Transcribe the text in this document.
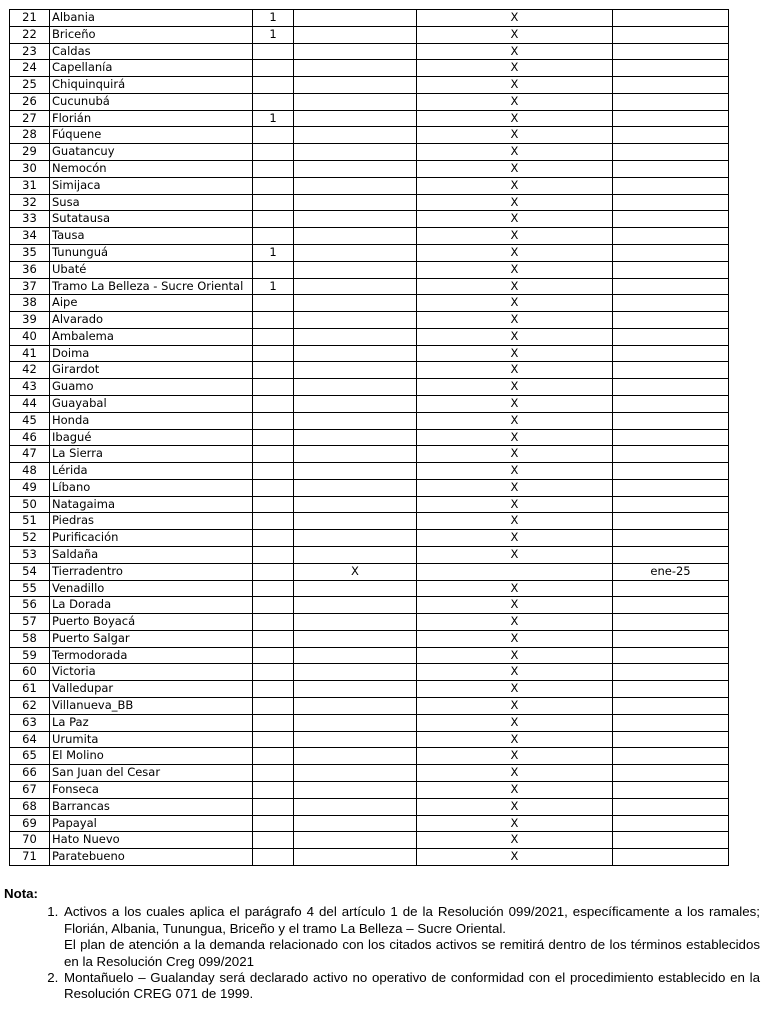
21	Albania	1		X	
22	Briceño	1		X	
23	Caldas			X	
24	Capellanía			X	
25	Chiquinquirá			X	
26	Cucunubá			X	
27	Florián	1		X	
28	Fúquene			X	
29	Guatancuy			X	
30	Nemocón			X	
31	Simijaca			X	
32	Susa			X	
33	Sutatausa			X	
34	Tausa			X	
35	Tununguá	1		X	
36	Ubaté			X	
37	Tramo La Belleza - Sucre Oriental	1		X	
38	Aipe			X	
39	Alvarado			X	
40	Ambalema			X	
41	Doima			X	
42	Girardot			X	
43	Guamo			X	
44	Guayabal			X	
45	Honda			X	
46	Ibagué			X	
47	La Sierra			X	
48	Lérida			X	
49	Líbano			X	
50	Natagaima			X	
51	Piedras			X	
52	Purificación			X	
53	Saldaña			X	
54	Tierradentro		X		ene-25
55	Venadillo			X	
56	La Dorada			X	
57	Puerto Boyacá			X	
58	Puerto Salgar			X	
59	Termodorada			X	
60	Victoria			X	
61	Valledupar			X	
62	Villanueva_BB			X	
63	La Paz			X	
64	Urumita			X	
65	El Molino			X	
66	San Juan del Cesar			X	
67	Fonseca			X	
68	Barrancas			X	
69	Papayal			X	
70	Hato Nuevo			X	
71	Paratebueno			X	
Nota:

1. Activos a los cuales aplica el parágrafo 4 del artículo 1 de la Resolución 099/2021, específicamente a los ramales; Florián, Albania, Tunungua, Briceño y el tramo La Belleza – Sucre Oriental.

El plan de atención a la demanda relacionado con los citados activos se remitirá dentro de los términos establecidos en la Resolución Creg 099/2021

2. Montañuelo – Gualanday será declarado activo no operativo de conformidad con el procedimiento establecido en la Resolución CREG 071 de 1999.
